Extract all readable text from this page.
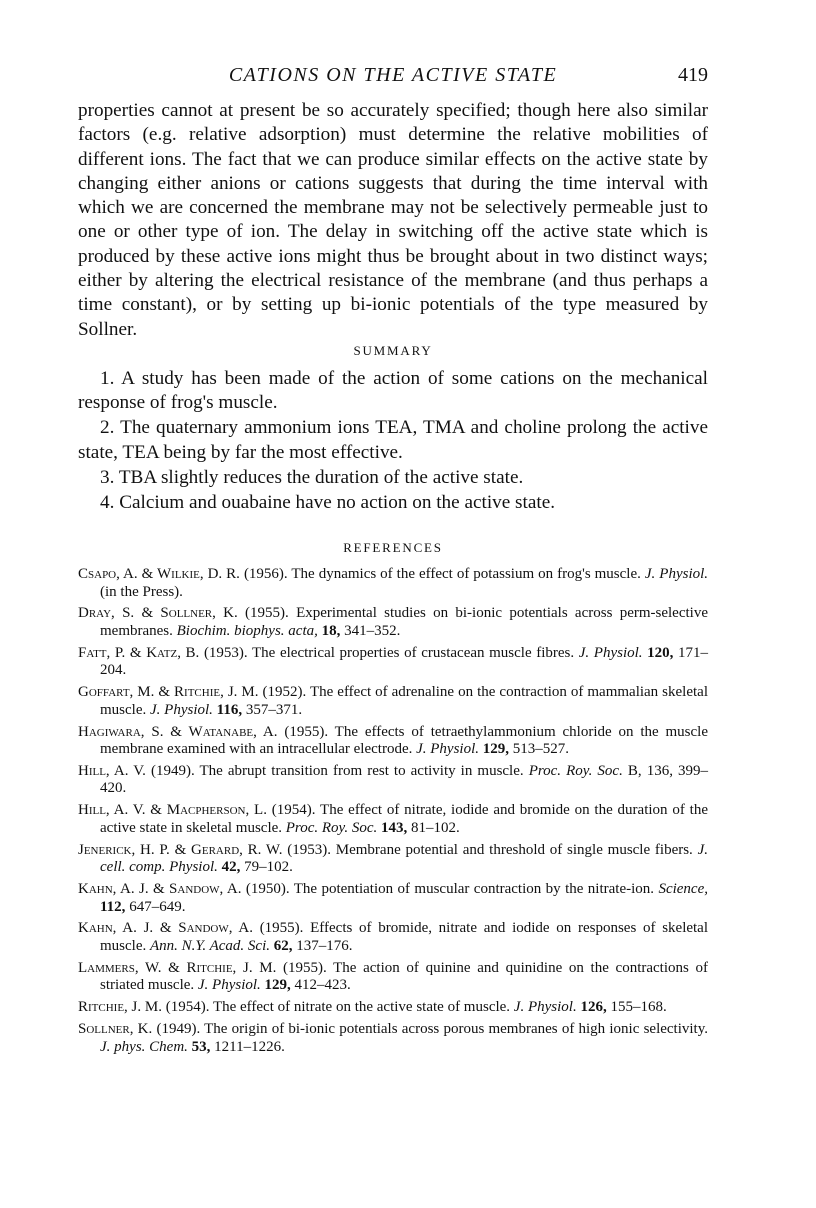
CATIONS ON THE ACTIVE STATE	419

properties cannot at present be so accurately specified; though here also similar factors (e.g. relative adsorption) must determine the relative mobilities of different ions. The fact that we can produce similar effects on the active state by changing either anions or cations suggests that during the time interval with which we are concerned the membrane may not be selectively permeable just to one or other type of ion. The delay in switching off the active state which is produced by these active ions might thus be brought about in two distinct ways; either by altering the electrical resistance of the membrane (and thus perhaps a time constant), or by setting up bi-ionic potentials of the type measured by Sollner.

SUMMARY

1. A study has been made of the action of some cations on the mechanical response of frog's muscle.

2. The quaternary ammonium ions TEA, TMA and choline prolong the active state, TEA being by far the most effective.

3. TBA slightly reduces the duration of the active state.

4. Calcium and ouabaine have no action on the active state.

REFERENCES

Csapo, A. & Wilkie, D. R. (1956). The dynamics of the effect of potassium on frog's muscle. J. Physiol. (in the Press).

Dray, S. & Sollner, K. (1955). Experimental studies on bi-ionic potentials across perm-selective membranes. Biochim. biophys. acta, 18, 341–352.

Fatt, P. & Katz, B. (1953). The electrical properties of crustacean muscle fibres. J. Physiol. 120, 171–204.

Goffart, M. & Ritchie, J. M. (1952). The effect of adrenaline on the contraction of mammalian skeletal muscle. J. Physiol. 116, 357–371.

Hagiwara, S. & Watanabe, A. (1955). The effects of tetraethylammonium chloride on the muscle membrane examined with an intracellular electrode. J. Physiol. 129, 513–527.

Hill, A. V. (1949). The abrupt transition from rest to activity in muscle. Proc. Roy. Soc. B, 136, 399–420.

Hill, A. V. & Macpherson, L. (1954). The effect of nitrate, iodide and bromide on the duration of the active state in skeletal muscle. Proc. Roy. Soc. 143, 81–102.

Jenerick, H. P. & Gerard, R. W. (1953). Membrane potential and threshold of single muscle fibers. J. cell. comp. Physiol. 42, 79–102.

Kahn, A. J. & Sandow, A. (1950). The potentiation of muscular contraction by the nitrate-ion. Science, 112, 647–649.

Kahn, A. J. & Sandow, A. (1955). Effects of bromide, nitrate and iodide on responses of skeletal muscle. Ann. N.Y. Acad. Sci. 62, 137–176.

Lammers, W. & Ritchie, J. M. (1955). The action of quinine and quinidine on the contractions of striated muscle. J. Physiol. 129, 412–423.

Ritchie, J. M. (1954). The effect of nitrate on the active state of muscle. J. Physiol. 126, 155–168.

Sollner, K. (1949). The origin of bi-ionic potentials across porous membranes of high ionic selectivity. J. phys. Chem. 53, 1211–1226.
